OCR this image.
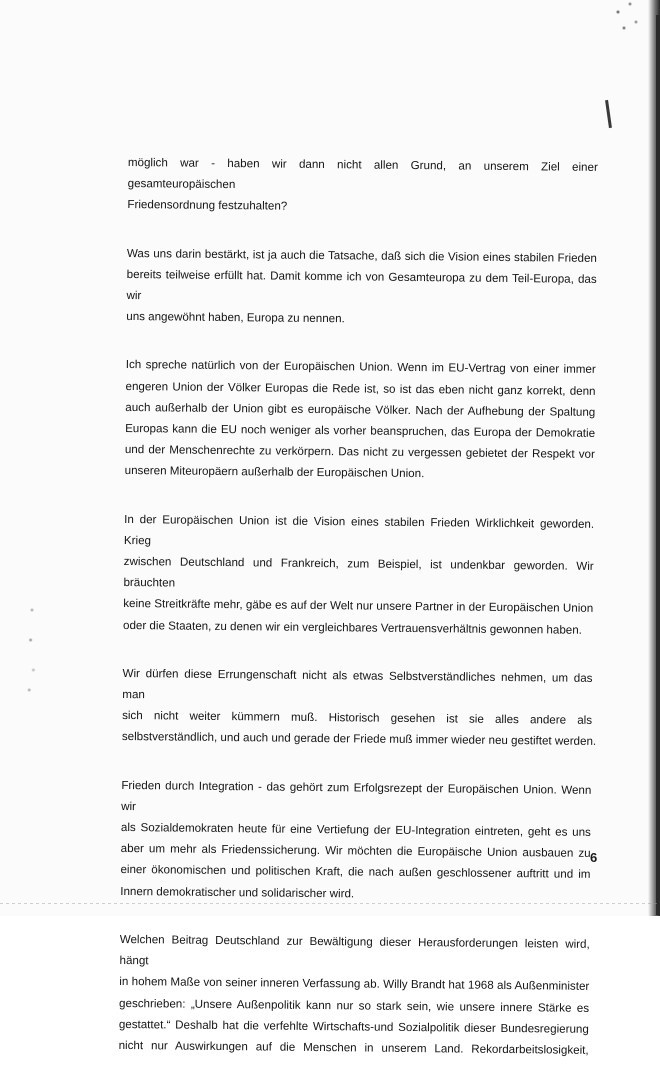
möglich war - haben wir dann nicht allen Grund, an unserem Ziel einer gesamteuropäischen
Friedensordnung festzuhalten?

Was uns darin bestärkt, ist ja auch die Tatsache, daß sich die Vision eines stabilen Frieden
bereits teilweise erfüllt hat. Damit komme ich von Gesamteuropa zu dem Teil-Europa, das wir
uns angewöhnt haben, Europa zu nennen.

Ich spreche natürlich von der Europäischen Union. Wenn im EU-Vertrag von einer immer
engeren Union der Völker Europas die Rede ist, so ist das eben nicht ganz korrekt, denn
auch außerhalb der Union gibt es europäische Völker. Nach der Aufhebung der Spaltung
Europas kann die EU noch weniger als vorher beanspruchen, das Europa der Demokratie
und der Menschenrechte zu verkörpern. Das nicht zu vergessen gebietet der Respekt vor
unseren Miteuropäern außerhalb der Europäischen Union.

In der Europäischen Union ist die Vision eines stabilen Frieden Wirklichkeit geworden. Krieg
zwischen Deutschland und Frankreich, zum Beispiel, ist undenkbar geworden. Wir bräuchten
keine Streitkräfte mehr, gäbe es auf der Welt nur unsere Partner in der Europäischen Union
oder die Staaten, zu denen wir ein vergleichbares Vertrauensverhältnis gewonnen haben.

Wir dürfen diese Errungenschaft nicht als etwas Selbstverständliches nehmen, um das man
sich nicht weiter kümmern muß. Historisch gesehen ist sie alles andere als
selbstverständlich, und auch und gerade der Friede muß immer wieder neu gestiftet werden.

Frieden durch Integration - das gehört zum Erfolgsrezept der Europäischen Union. Wenn wir
als Sozialdemokraten heute für eine Vertiefung der EU-Integration eintreten, geht es uns
aber um mehr als Friedenssicherung. Wir möchten die Europäische Union ausbauen zu
einer ökonomischen und politischen Kraft, die nach außen geschlossener auftritt und im
Innern demokratischer und solidarischer wird.

Welchen Beitrag Deutschland zur Bewältigung dieser Herausforderungen leisten wird, hängt
in hohem Maße von seiner inneren Verfassung ab. Willy Brandt hat 1968 als Außenminister
geschrieben: „Unsere Außenpolitik kann nur so stark sein, wie unsere innere Stärke es
gestattet.“ Deshalb hat die verfehlte Wirtschafts-und Sozialpolitik dieser Bundesregierung
nicht nur Auswirkungen auf die Menschen in unserem Land. Rekordarbeitslosigkeit,

6
